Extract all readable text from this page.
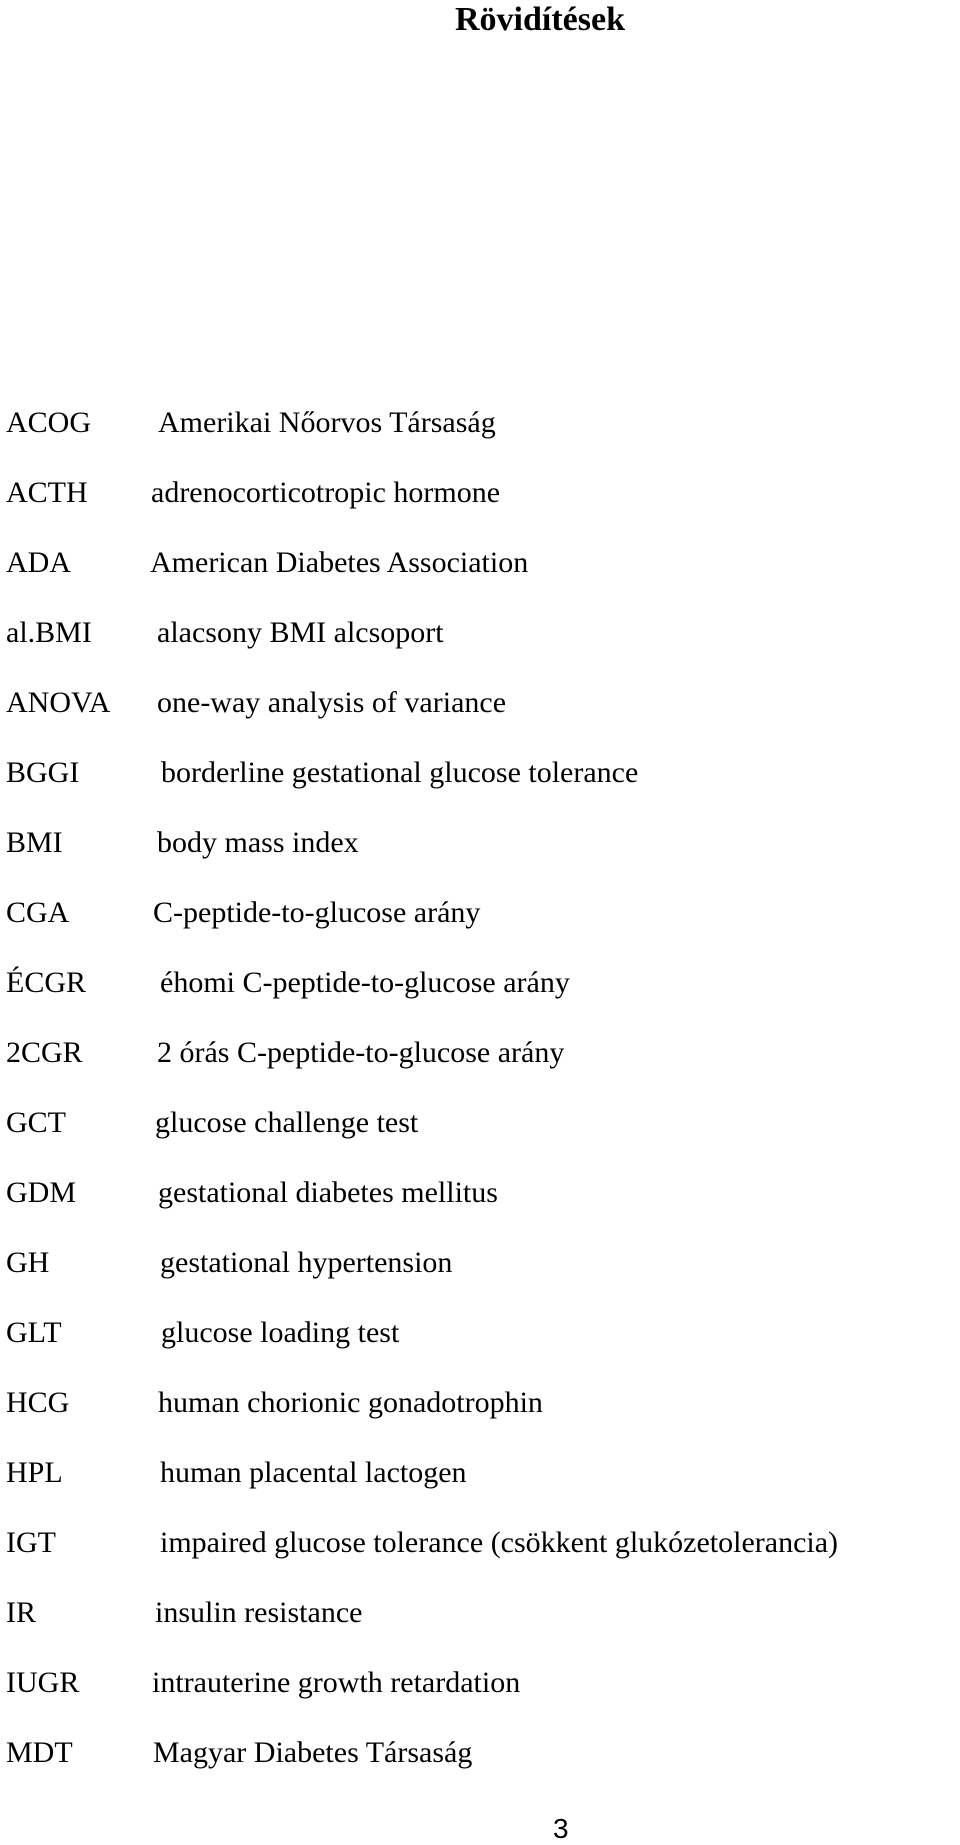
Rövidítések
ACOG Amerikai Nőorvos Társaság
ACTH adrenocorticotropic hormone
ADA	American Diabetes Association
al.BMI alacsony BMI alcsoport
ANOVA one-way analysis of variance
BGGI	borderline gestational glucose tolerance
BMI	body mass index
CGA	C-peptide-to-glucose arány
ÉCGR éhomi C-peptide-to-glucose arány
2CGR 2 órás C-peptide-to-glucose arány
GCT	glucose challenge test
GDM	gestational diabetes mellitus
GH	gestational hypertension
GLT	glucose loading test
HCG	human chorionic gonadotrophin
HPL	human placental lactogen
IGT	impaired glucose tolerance (csökkent glukózetolerancia)
IR	insulin resistance
IUGR intrauterine growth retardation
MDT	Magyar Diabetes Társaság
3
